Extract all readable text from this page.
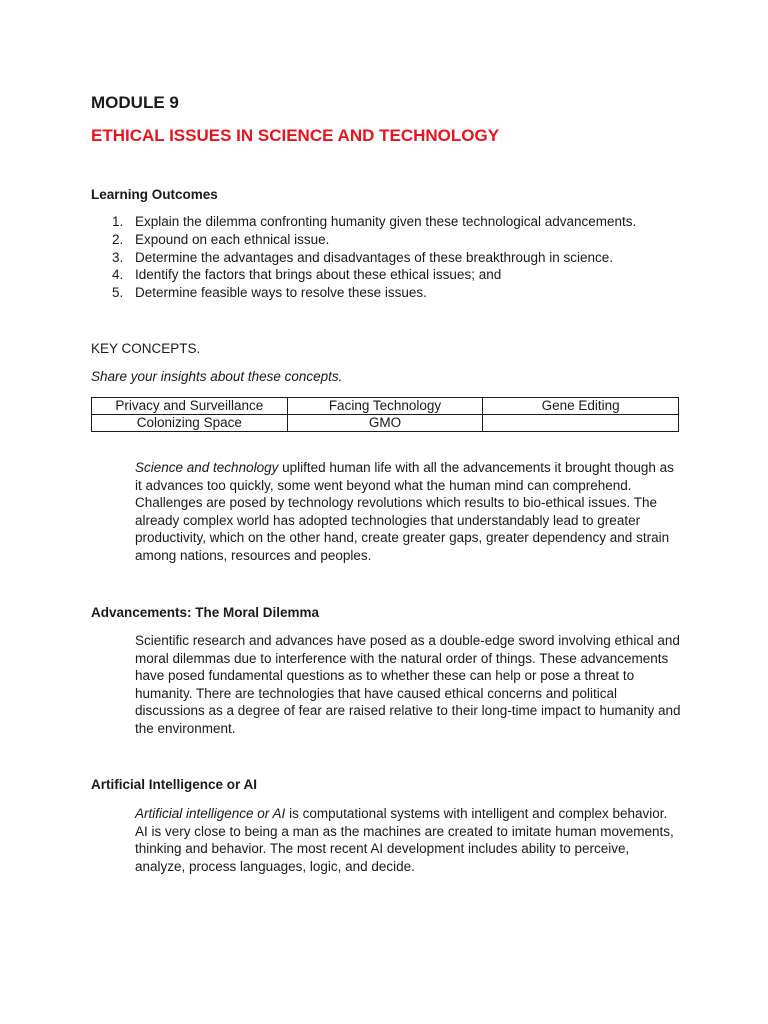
MODULE 9
ETHICAL ISSUES IN SCIENCE AND TECHNOLOGY
Learning Outcomes
1. Explain the dilemma confronting humanity given these technological advancements.
2. Expound on each ethnical issue.
3. Determine the advantages and disadvantages of these breakthrough in science.
4. Identify the factors that brings about these ethical issues; and
5. Determine feasible ways to resolve these issues.

KEY CONCEPTS.

Share your insights about these concepts.

Privacy and Surveillance	Facing Technology	Gene Editing
Colonizing Space	GMO	

Science and technology uplifted human life with all the advancements it brought though as it advances too quickly, some went beyond what the human mind can comprehend. Challenges are posed by technology revolutions which results to bio-ethical issues. The already complex world has adopted technologies that understandably lead to greater productivity, which on the other hand, create greater gaps, greater dependency and strain among nations, resources and peoples.

Advancements: The Moral Dilemma

Scientific research and advances have posed as a double-edge sword involving ethical and moral dilemmas due to interference with the natural order of things. These advancements have posed fundamental questions as to whether these can help or pose a threat to humanity. There are technologies that have caused ethical concerns and political discussions as a degree of fear are raised relative to their long-time impact to humanity and the environment.

Artificial Intelligence or AI

Artificial intelligence or AI is computational systems with intelligent and complex behavior. AI is very close to being a man as the machines are created to imitate human movements, thinking and behavior. The most recent AI development includes ability to perceive, analyze, process languages, logic, and decide.
